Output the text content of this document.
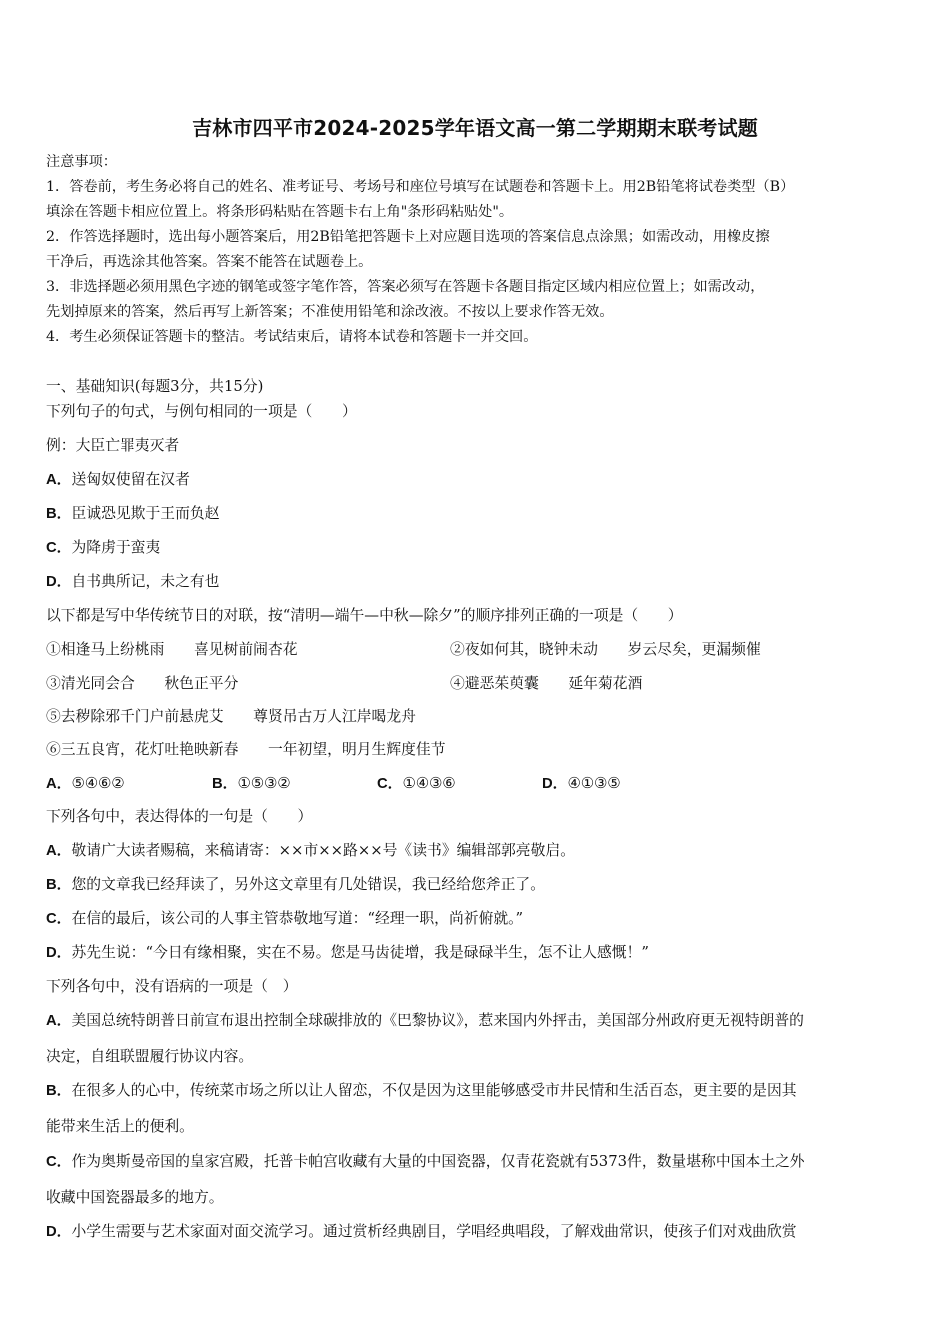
吉林市四平市2024-2025学年语文高一第二学期期末联考试题
注意事项：
1．答卷前，考生务必将自己的姓名、准考证号、考场号和座位号填写在试题卷和答题卡上。用2B铅笔将试卷类型（B）
填涂在答题卡相应位置上。将条形码粘贴在答题卡右上角"条形码粘贴处"。
2．作答选择题时，选出每小题答案后，用2B铅笔把答题卡上对应题目选项的答案信息点涂黑；如需改动，用橡皮擦
干净后，再选涂其他答案。答案不能答在试题卷上。
3．非选择题必须用黑色字迹的钢笔或签字笔作答，答案必须写在答题卡各题目指定区域内相应位置上；如需改动，
先划掉原来的答案，然后再写上新答案；不准使用铅笔和涂改液。不按以上要求作答无效。
4．考生必须保证答题卡的整洁。考试结束后，请将本试卷和答题卡一并交回。
一、基础知识(每题3分，共15分)
下列句子的句式，与例句相同的一项是（　　）
例：大臣亡罪夷灭者
A．送匈奴使留在汉者
B．臣诚恐见欺于王而负赵
C．为降虏于蛮夷
D．自书典所记，未之有也
以下都是写中华传统节日的对联，按“清明—端午—中秋—除夕”的顺序排列正确的一项是（　　）
①相逢马上纷桃雨　　喜见树前闹杏花	②夜如何其，晓钟未动　　岁云尽矣，更漏频催
③清光同会合　　秋色正平分	④避恶茱萸囊　　延年菊花酒
⑤去秽除邪千门户前悬虎艾　　尊贤吊古万人江岸喝龙舟
⑥三五良宵，花灯吐艳映新春　　一年初望，明月生辉度佳节
A．⑤④⑥②	B．①⑤③②	C．①④③⑥	D．④①③⑤
下列各句中，表达得体的一句是（　　）
A．敬请广大读者赐稿，来稿请寄：××市××路××号《读书》编辑部郭亮敬启。
B．您的文章我已经拜读了，另外这文章里有几处错误，我已经给您斧正了。
C．在信的最后，该公司的人事主管恭敬地写道：“经理一职，尚祈俯就。”
D．苏先生说：“今日有缘相聚，实在不易。您是马齿徒增，我是碌碌半生，怎不让人感慨！”
下列各句中，没有语病的一项是（　）
A．美国总统特朗普日前宣布退出控制全球碳排放的《巴黎协议》，惹来国内外抨击，美国部分州政府更无视特朗普的
决定，自组联盟履行协议内容。
B．在很多人的心中，传统菜市场之所以让人留恋，不仅是因为这里能够感受市井民情和生活百态，更主要的是因其
能带来生活上的便利。
C．作为奥斯曼帝国的皇家宫殿，托普卡帕宫收藏有大量的中国瓷器，仅青花瓷就有5373件，数量堪称中国本土之外
收藏中国瓷器最多的地方。
D．小学生需要与艺术家面对面交流学习。通过赏析经典剧目，学唱经典唱段，了解戏曲常识，使孩子们对戏曲欣赏
